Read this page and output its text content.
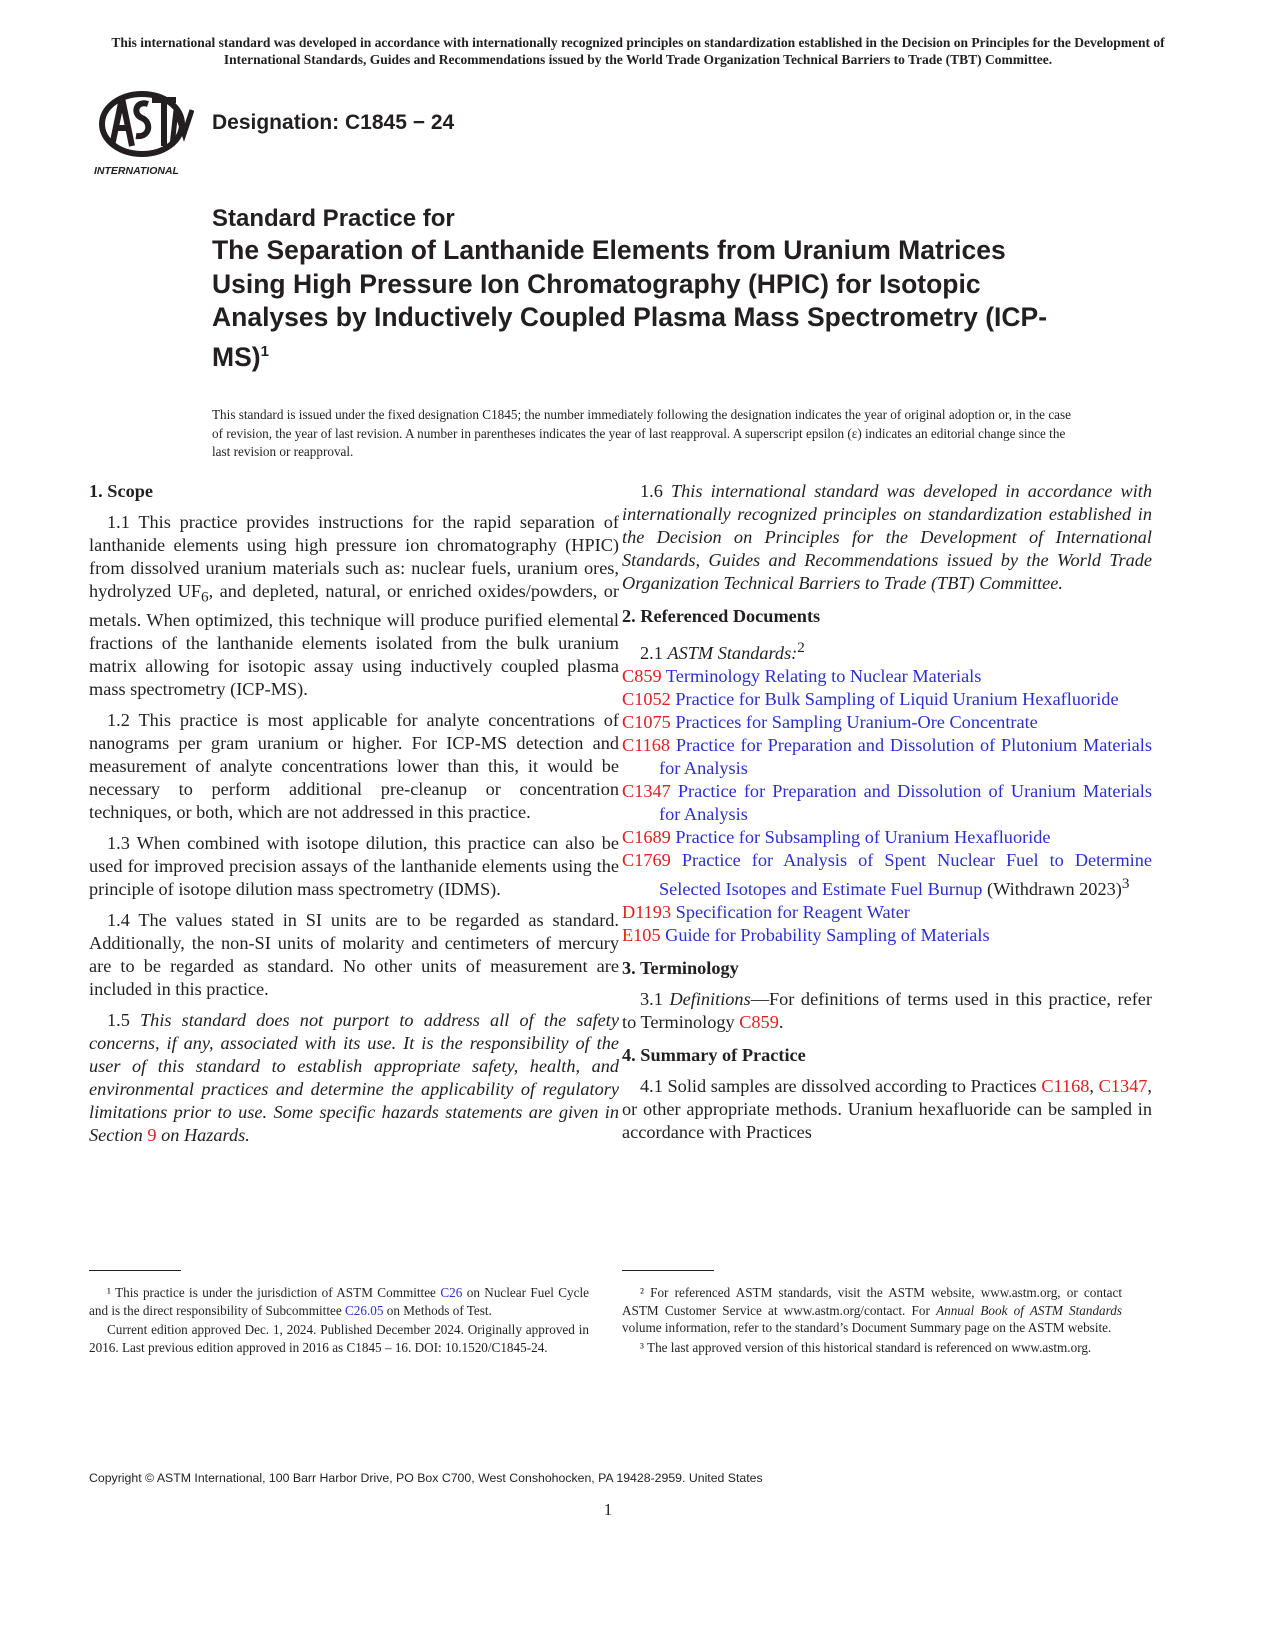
This international standard was developed in accordance with internationally recognized principles on standardization established in the Decision on Principles for the Development of International Standards, Guides and Recommendations issued by the World Trade Organization Technical Barriers to Trade (TBT) Committee.
INTERNATIONAL
Designation: C1845 − 24
Standard Practice for
The Separation of Lanthanide Elements from Uranium Matrices Using High Pressure Ion Chromatography (HPIC) for Isotopic Analyses by Inductively Coupled Plasma Mass Spectrometry $(ICP-MS)^1$
This standard is issued under the fixed designation C1845; the number immediately following the designation indicates the year of original adoption or, in the case of revision, the year of last revision. A number in parentheses indicates the year of last reapproval. A superscript epsilon (ε) indicates an editorial change since the last revision or reapproval.
1. Scope

1.1 This practice provides instructions for the rapid separation of lanthanide elements using high pressure ion chromatography (HPIC) from dissolved uranium materials such as: nuclear fuels, uranium ores, hydrolyzed $UF_6$, and depleted, natural, or enriched oxides/powders, or metals. When optimized, this technique will produce purified elemental fractions of the lanthanide elements isolated from the bulk uranium matrix allowing for isotopic assay using inductively coupled plasma mass spectrometry (ICP-MS).

1.2 This practice is most applicable for analyte concentrations of nanograms per gram uranium or higher. For ICP-MS detection and measurement of analyte concentrations lower than this, it would be necessary to perform additional pre-cleanup or concentration techniques, or both, which are not addressed in this practice.

1.3 When combined with isotope dilution, this practice can also be used for improved precision assays of the lanthanide elements using the principle of isotope dilution mass spectrometry (IDMS).

1.4 The values stated in SI units are to be regarded as standard. Additionally, the non-SI units of molarity and centimeters of mercury are to be regarded as standard. No other units of measurement are included in this practice.

1.5 This standard does not purport to address all of the safety concerns, if any, associated with its use. It is the responsibility of the user of this standard to establish appropriate safety, health, and environmental practices and determine the applicability of regulatory limitations prior to use. Some specific hazards statements are given in Section 9 on Hazards.

1.6 This international standard was developed in accordance with internationally recognized principles on standardization established in the Decision on Principles for the Development of International Standards, Guides and Recommendations issued by the World Trade Organization Technical Barriers to Trade (TBT) Committee.

2. Referenced Documents
2.1 ASTM Standards:$^2$
C859 Terminology Relating to Nuclear Materials
C1052 Practice for Bulk Sampling of Liquid Uranium Hexafluoride
C1075 Practices for Sampling Uranium-Ore Concentrate
C1168 Practice for Preparation and Dissolution of Plutonium Materials for Analysis
C1347 Practice for Preparation and Dissolution of Uranium Materials for Analysis
C1689 Practice for Subsampling of Uranium Hexafluoride
C1769 Practice for Analysis of Spent Nuclear Fuel to Determine Selected Isotopes and Estimate Fuel Burnup (Withdrawn 2023)$^3$
D1193 Specification for Reagent Water
E105 Guide for Probability Sampling of Materials
3. Terminology

3.1 Definitions—For definitions of terms used in this practice, refer to Terminology C859.

4. Summary of Practice

4.1 Solid samples are dissolved according to Practices C1168, C1347, or other appropriate methods. Uranium hexafluoride can be sampled in accordance with Practices

¹ This practice is under the jurisdiction of ASTM Committee C26 on Nuclear Fuel Cycle and is the direct responsibility of Subcommittee C26.05 on Methods of Test.

Current edition approved Dec. 1, 2024. Published December 2024. Originally approved in 2016. Last previous edition approved in 2016 as C1845 – 16. DOI: 10.1520/C1845-24.

² For referenced ASTM standards, visit the ASTM website, www.astm.org, or contact ASTM Customer Service at www.astm.org/contact. For Annual Book of ASTM Standards volume information, refer to the standard’s Document Summary page on the ASTM website.

³ The last approved version of this historical standard is referenced on www.astm.org.

Copyright © ASTM International, 100 Barr Harbor Drive, PO Box C700, West Conshohocken, PA 19428-2959. United States
1
